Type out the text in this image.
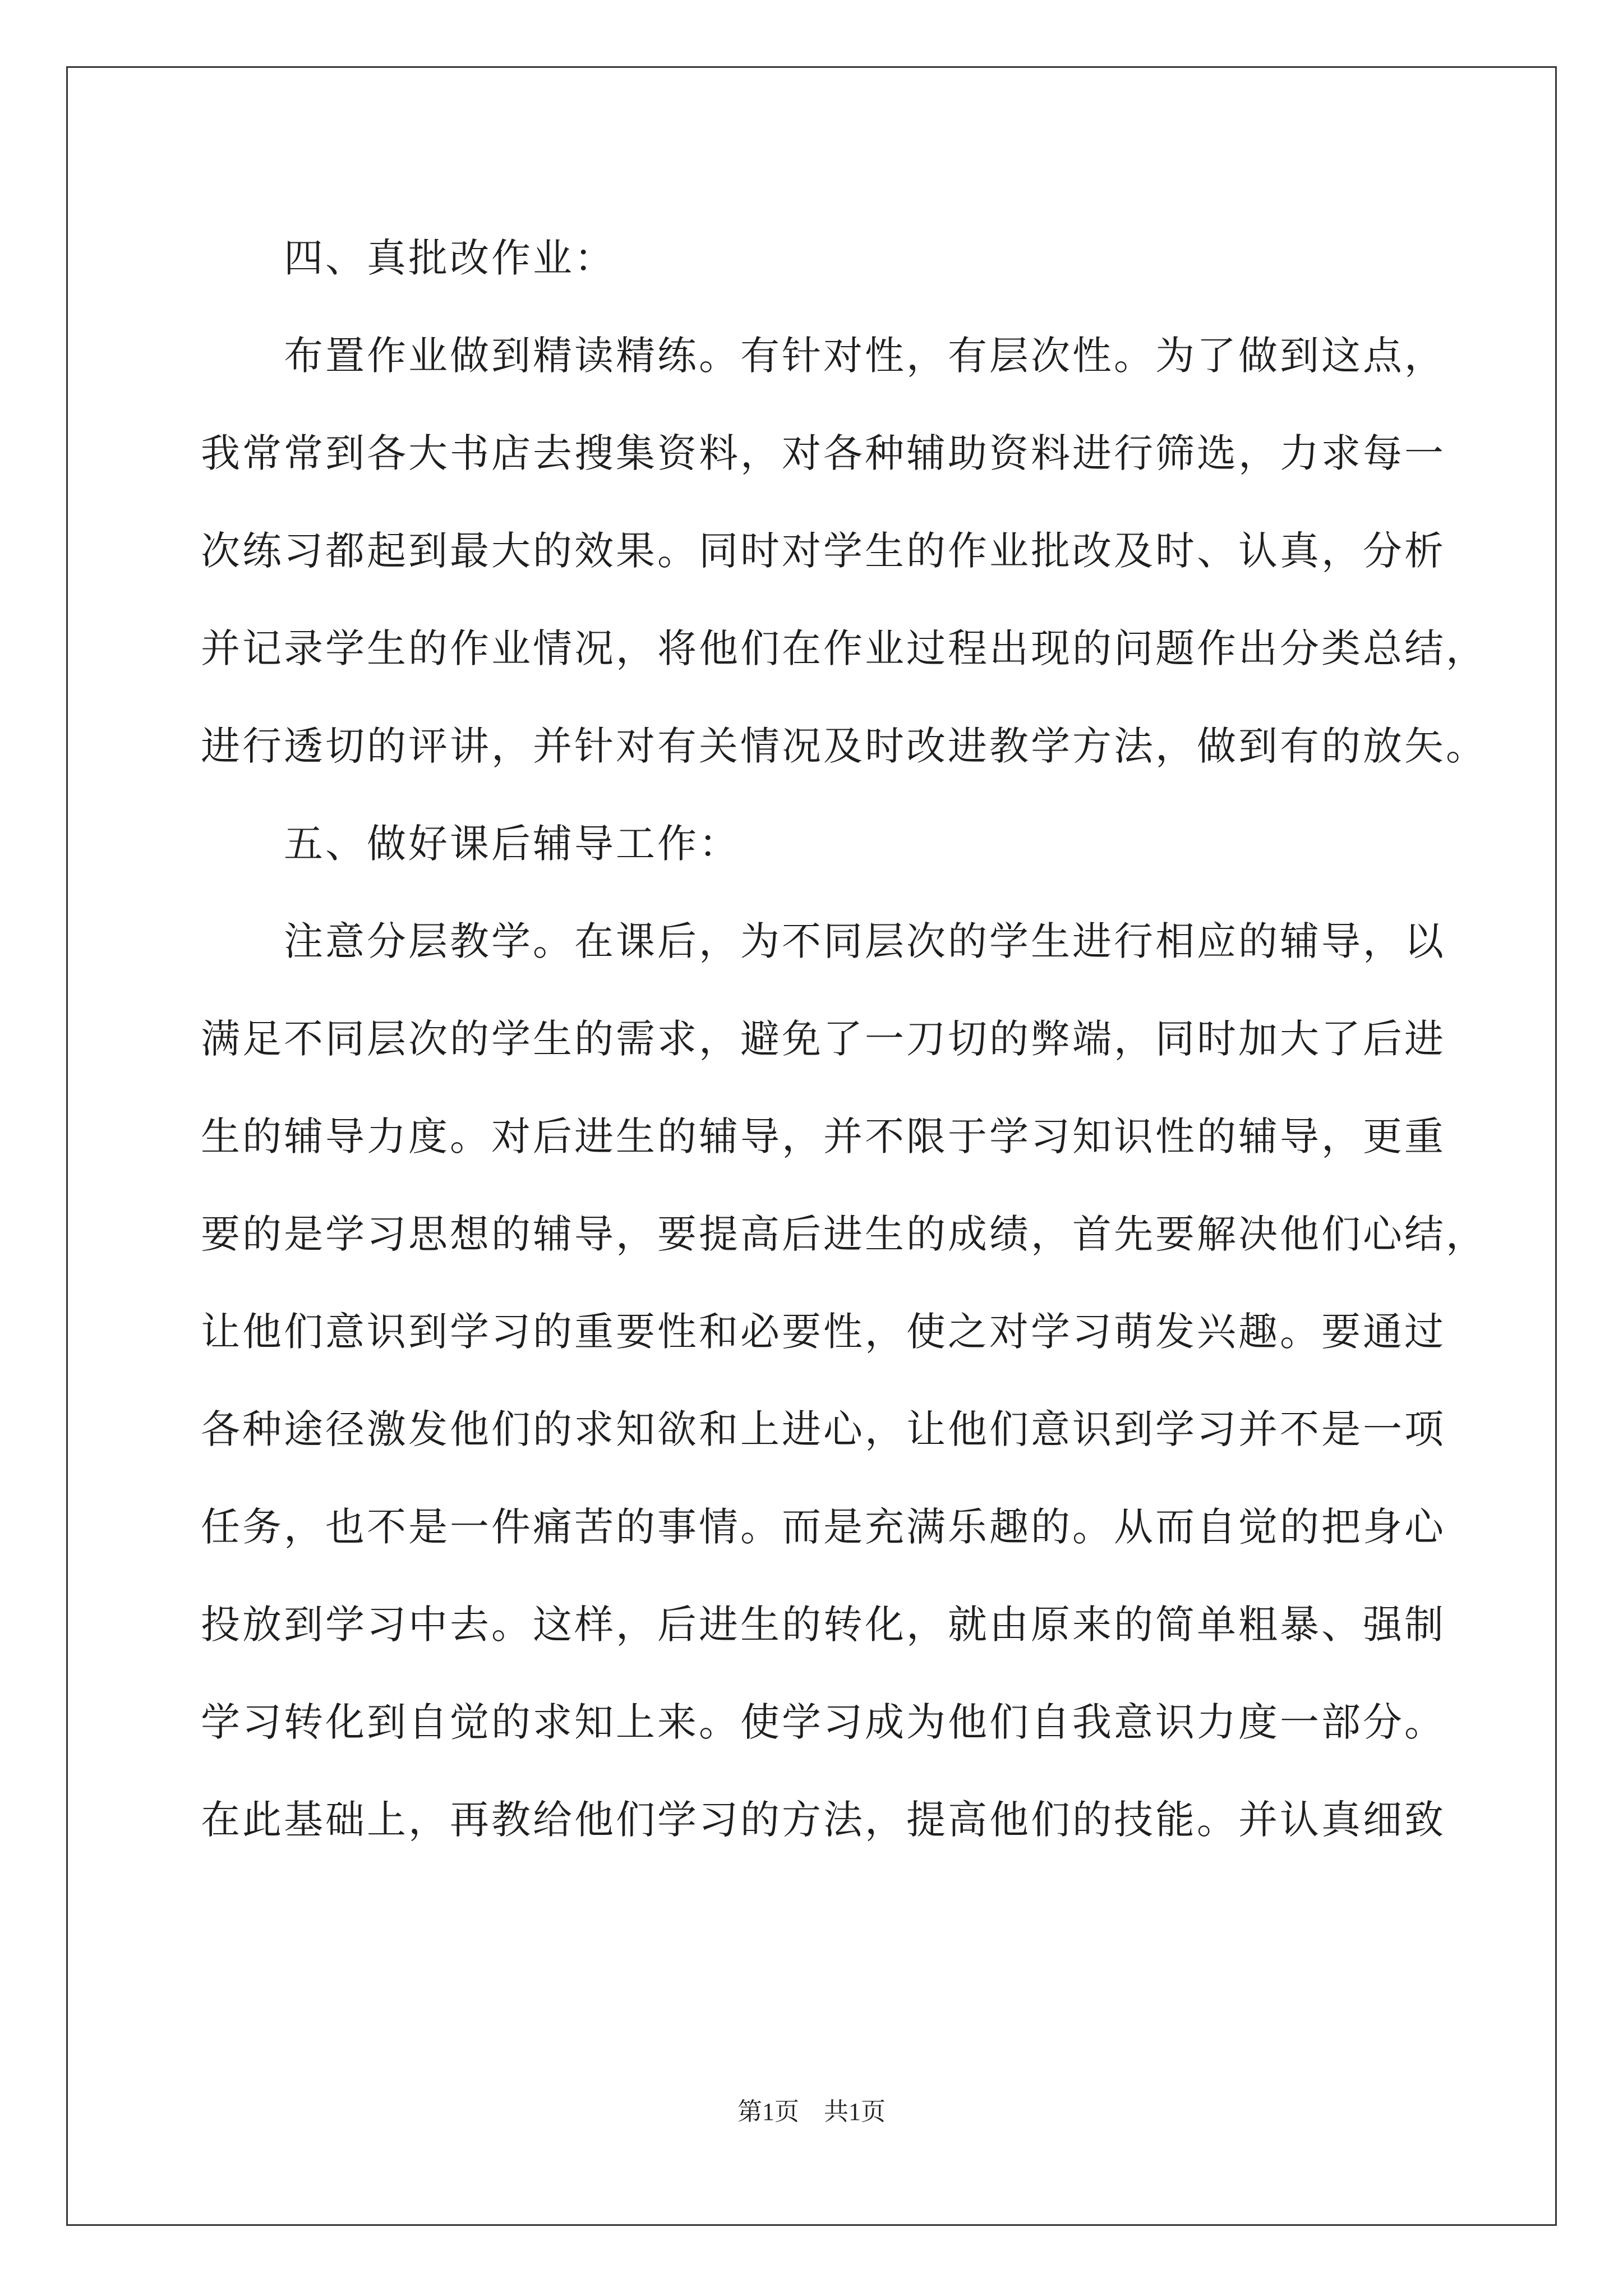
四、真批改作业：
布置作业做到精读精练。有针对性，有层次性。为了做到这点，
我常常到各大书店去搜集资料，对各种辅助资料进行筛选，力求每一
次练习都起到最大的效果。同时对学生的作业批改及时、认真，分析
并记录学生的作业情况，将他们在作业过程出现的问题作出分类总结，
进行透切的评讲，并针对有关情况及时改进教学方法，做到有的放矢。
五、做好课后辅导工作：
注意分层教学。在课后，为不同层次的学生进行相应的辅导，以
满足不同层次的学生的需求，避免了一刀切的弊端，同时加大了后进
生的辅导力度。对后进生的辅导，并不限于学习知识性的辅导，更重
要的是学习思想的辅导，要提高后进生的成绩，首先要解决他们心结，
让他们意识到学习的重要性和必要性，使之对学习萌发兴趣。要通过
各种途径激发他们的求知欲和上进心，让他们意识到学习并不是一项
任务，也不是一件痛苦的事情。而是充满乐趣的。从而自觉的把身心
投放到学习中去。这样，后进生的转化，就由原来的简单粗暴、强制
学习转化到自觉的求知上来。使学习成为他们自我意识力度一部分。
在此基础上，再教给他们学习的方法，提高他们的技能。并认真细致
第1页　共1页
